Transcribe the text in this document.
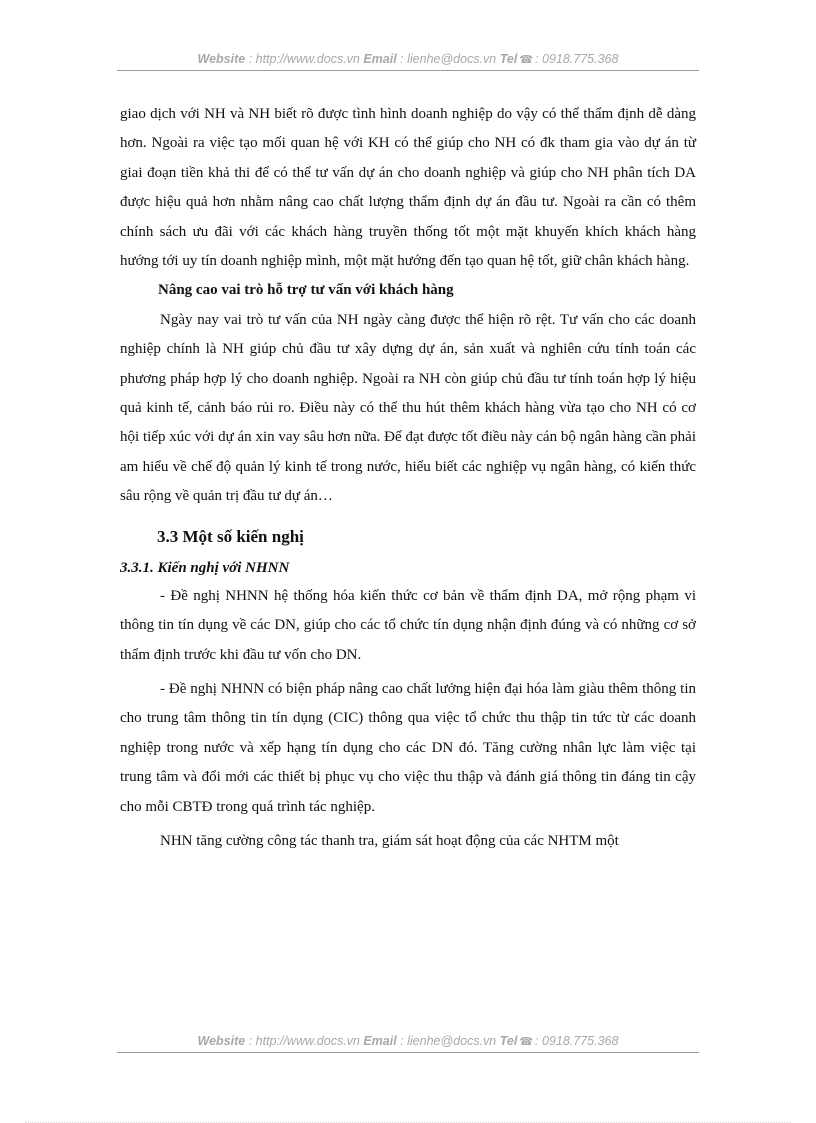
Website : http://www.docs.vn Email : lienhe@docs.vn Tel ☎ : 0918.775.368

giao dịch với NH và NH biết rõ được tình hình doanh nghiệp do vậy có thể thẩm định dễ dàng hơn. Ngoài ra việc tạo mối quan hệ với KH có thể giúp cho NH có đk tham gia vào dự án từ giai đoạn tiền khả thi để có thể tư vấn dự án cho doanh nghiệp và giúp cho NH phân tích DA được hiệu quả hơn nhằm nâng cao chất lượng thẩm định dự án đầu tư. Ngoài ra cần có thêm chính sách ưu đãi với các khách hàng truyền thống tốt một mặt khuyến khích khách hàng hướng tới uy tín doanh nghiệp mình, một mặt hướng đến tạo quan hệ tốt, giữ chân khách hàng.

Nâng cao vai trò hỗ trợ tư vấn với khách hàng

Ngày nay vai trò tư vấn của NH ngày càng được thể hiện rõ rệt. Tư vấn cho các doanh nghiệp chính là NH giúp chủ đầu tư xây dựng dự án, sản xuất và nghiên cứu tính toán các phương pháp hợp lý cho doanh nghiệp. Ngoài ra NH còn giúp chủ đầu tư tính toán hợp lý hiệu quả kinh tế, cảnh báo rủi ro. Điều này có thể thu hút thêm khách hàng vừa tạo cho NH có cơ hội tiếp xúc với dự án xin vay sâu hơn nữa. Để đạt được tốt điều này cán bộ ngân hàng cần phải am hiểu về chế độ quản lý kinh tế trong nước, hiểu biết các nghiệp vụ ngân hàng, có kiến thức sâu rộng về quản trị đầu tư dự án…

3.3 Một số kiến nghị

3.3.1. Kiến nghị với NHNN

- Đề nghị NHNN hệ thống hóa kiến thức cơ bản về thẩm định DA, mở rộng phạm vi thông tin tín dụng về các DN, giúp cho các tổ chức tín dụng nhận định đúng và có những cơ sở thẩm định trước khi đầu tư vốn cho DN.

- Đề nghị NHNN có biện pháp nâng cao chất lưởng hiện đại hóa làm giàu thêm thông tin cho trung tâm thông tin tín dụng (CIC) thông qua việc tổ chức thu thập tin tức từ các doanh nghiệp trong nước và xếp hạng tín dụng cho các DN đó. Tăng cường nhân lực làm việc tại trung tâm và đổi mới các thiết bị phục vụ cho việc thu thập và đánh giá thông tin đáng tin cậy cho mỗi CBTĐ trong quá trình tác nghiệp.

NHN tăng cường công tác thanh tra, giám sát hoạt động của các NHTM một

Website : http://www.docs.vn Email : lienhe@docs.vn Tel ☎ : 0918.775.368
